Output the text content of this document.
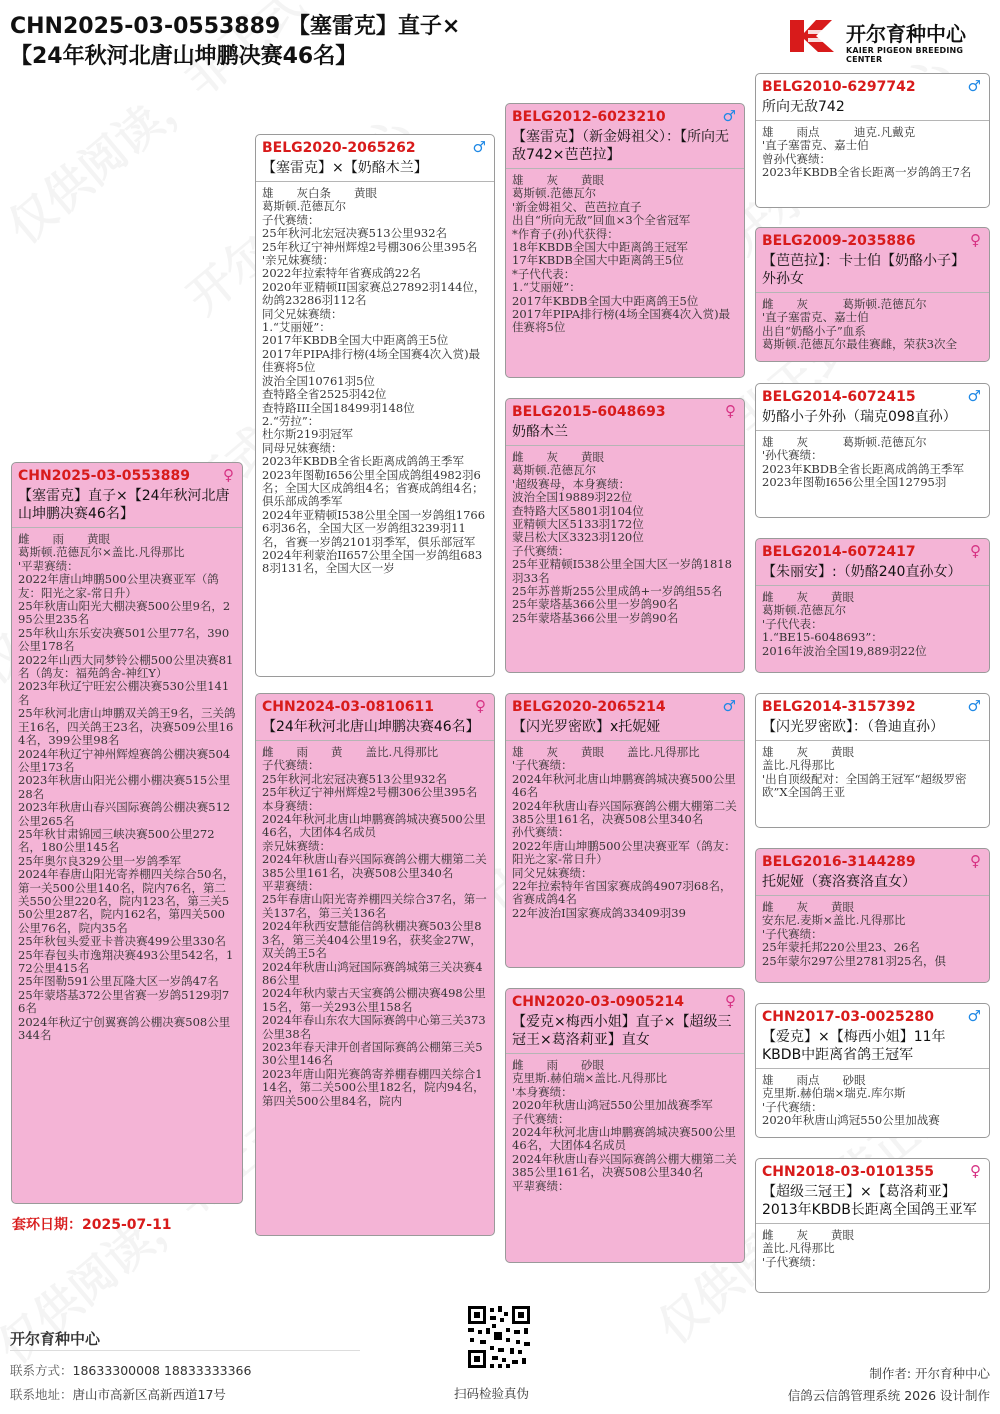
CHN2025-03-0553889 【塞雷克】直子×【24年秋河北唐山坤鹏决赛46名】
开尔育种中心
KAIER PIGEON BREEDING CENTER
CHN2025-03-0553889	♀
【塞雷克】直子×【24年秋河北唐山坤鹏决赛46名】
雌　　雨　　黄眼
葛斯顿.范德瓦尔×盖比.凡得那比
'平辈赛绩：
2022年唐山坤鹏500公里决赛亚军（鸽友：阳光之家-常日升）
25年秋唐山阳光大棚决赛500公里9名，295公里235名
25年秋山东乐安决赛501公里77名，390公里178名
2022年山西大同梦铃公棚500公里决赛81名（鸽友：福苑鸽舍-神红Y）
2023年秋辽宁旺宏公棚决赛530公里141名
25年秋河北唐山坤鹏双关鸽王9名，三关鸽王16名，四关鸽王23名，决赛509公里164名，399公里98名
2024年秋辽宁神州辉煌赛鸽公棚决赛504公里173名
2023年秋唐山阳光公棚小棚决赛515公里28名
2023年秋唐山春兴国际赛鸽公棚决赛512公里265名
25年秋甘肃锦园三峡决赛500公里272名，180公里145名
25年奥尔良329公里一岁鸽季军
2024年春唐山阳光寄养棚四关综合50名，第一关500公里140名，院内76名，第二关550公里220名，院内123名，第三关550公里287名，院内162名，第四关500公里76名，院内35名
25年秋包头爱亚卡普决赛499公里330名
25年春包头市逸翔决赛493公里542名，172公里415名
25年图勒591公里瓦隆大区一岁鸽47名
25年蒙塔基372公里省赛一岁鸽5129羽76名
2024年秋辽宁创翼赛鸽公棚决赛508公里344名
套环日期：2025-07-11
BELG2020-2065262	♂
【塞雷克】×【奶酪木兰】
雄　　灰白条　　黄眼
葛斯顿.范德瓦尔
子代赛绩：
25年秋河北宏冠决赛513公里932名
25年秋辽宁神州辉煌2号棚306公里395名
'亲兄妹赛绩：
2022年拉索特年省赛成鸽22名
2020年亚精顿II国家赛总27892羽144位，幼鸽23286羽112名
同父兄妹赛绩：
1.“艾丽娅”：
2017年KBDB全国大中距离鸽王5位
2017年PIPA排行榜(4场全国赛4次入赏)最佳赛将5位
波治全国10761羽5位
查特路全省2525羽42位
查特路III全国18499羽148位
2.“劳拉”：
杜尔斯219羽冠军
同母兄妹赛绩：
2023年KBDB全省长距离成鸽鸽王季军
2023年图勒I656公里全国成鸽组4982羽6名；全国大区成鸽组4名；省赛成鸽组4名；俱乐部成鸽季军
2024年亚精顿I538公里全国一岁鸽组17666羽36名，全国大区一岁鸽组3239羽11名，省赛一岁鸽2101羽季军，俱乐部冠军
2024年利蒙治II657公里全国一岁鸽组6838羽131名，全国大区一岁
CHN2024-03-0810611	♀
【24年秋河北唐山坤鹏决赛46名】
雌　　雨　　黄　　盖比.凡得那比
子代赛绩：
25年秋河北宏冠决赛513公里932名
25年秋辽宁神州辉煌2号棚306公里395名
本身赛绩：
2024年秋河北唐山坤鹏赛鸽城决赛500公里46名，大团体4名成员
亲兄妹赛绩：
2024年秋唐山春兴国际赛鸽公棚大棚第二关385公里161名，决赛508公里340名
平辈赛绩：
25年春唐山阳光寄养棚四关综合37名，第一关137名，第三关136名
2024年秋西安慧能信鸽秋棚决赛503公里83名，第三关404公里19名，获奖金27W，双关鸽王5名
2024年秋唐山鸿冠国际赛鸽城第三关决赛486公里
2024年秋内蒙古天宝赛鸽公棚决赛498公里15名，第一关293公里158名
2024年春山东农大国际赛鸽中心第三关373公里38名
2023年春天津开创者国际赛鸽公棚第三关530公里146名
2023年唐山阳光赛鸽寄养棚春棚四关综合114名，第二关500公里182名，院内94名，第四关500公里84名，院内
BELG2012-6023210	♂
【塞雷克】（新金姆祖父）：【所向无敌742×芭芭拉】
雄　　灰　　黄眼
葛斯顿.范德瓦尔
'新金姆祖父、芭芭拉直子
出自“所向无敌”回血×3个全省冠军
*作育子(孙)代获得：
18年KBDB全国大中距离鸽王冠军
17年KBDB全国大中距离鸽王5位
*子代代表：
1.“艾丽娅”：
2017年KBDB全国大中距离鸽王5位
2017年PIPA排行榜(4场全国赛4次入赏)最佳赛将5位
BELG2015-6048693	♀
奶酪木兰
雌　　灰　　黄眼
葛斯顿.范德瓦尔
'超级赛母，本身赛绩：
波治全国19889羽22位
查特路大区5801羽104位
亚精顿大区5133羽172位
蒙吕松大区3323羽120位
子代赛绩：
25年亚精顿I538公里全国大区一岁鸽1818羽33名
25年苏普斯255公里成鸽+一岁鸽组55名
25年蒙塔基366公里一岁鸽90名
25年蒙塔基366公里一岁鸽90名
BELG2020-2065214	♂
【闪光罗密欧】x托妮娅
雄　　灰　　黄眼　　盖比.凡得那比
'子代赛绩：
2024年秋河北唐山坤鹏赛鸽城决赛500公里46名
2024年秋唐山春兴国际赛鸽公棚大棚第二关385公里161名，决赛508公里340名
孙代赛绩：
2022年唐山坤鹏500公里决赛亚军（鸽友：阳光之家-常日升）
同父兄妹赛绩：
22年拉索特年省国家赛成鸽4907羽68名，省赛成鸽4名
22年波治I国家赛成鸽33409羽39
CHN2020-03-0905214	♀
【爱克×梅西小姐】直子×【超级三冠王×葛洛莉亚】直女
雌　　雨　　砂眼
克里斯.赫伯瑞×盖比.凡得那比
'本身赛绩：
2020年秋唐山鸿冠550公里加战赛季军
子代赛绩：
2024年秋河北唐山坤鹏赛鸽城决赛500公里46名，大团体4名成员
2024年秋唐山春兴国际赛鸽公棚大棚第二关385公里161名，决赛508公里340名
平辈赛绩：
BELG2010-6297742	♂
所向无敌742
雄　　雨点　　　迪克.凡戴克
'直子塞雷克、嘉士伯
曾孙代赛绩：
2023年KBDB全省长距离一岁鸽鸽王7名
BELG2009-2035886	♀
【芭芭拉】：卡士伯【奶酪小子】 外孙女
雌　　灰　　　葛斯顿.范德瓦尔
'直子塞雷克、嘉士伯
出自“奶酪小子”血系
葛斯顿.范德瓦尔最佳赛雌，荣获3次全
BELG2014-6072415	♂
奶酪小子外孙（瑞克098直孙）
雄　　灰　　　葛斯顿.范德瓦尔
'孙代赛绩：
2023年KBDB全省长距离成鸽鸽王季军
2023年图勒I656公里全国12795羽
BELG2014-6072417	♀
【朱丽安】:（奶酪240直孙女）
雌　　灰　　黄眼
葛斯顿.范德瓦尔
'子代代表：
1.“BE15-6048693”：
2016年波治全国19,889羽22位
BELG2014-3157392	♂
【闪光罗密欧】：（鲁迪直孙）
雄　　灰　　黄眼
盖比.凡得那比
'出自顶级配对：全国鸽王冠军“超级罗密欧”X全国鸽王亚
BELG2016-3144289	♀
托妮娅（赛洛赛洛直女）
雌　　灰　　黄眼
安东尼.麦斯×盖比.凡得那比
'子代赛绩：
25年蒙托邦220公里23、26名
25年蒙尔297公里2781羽25名，俱
CHN2017-03-0025280	♂
【爱克】×【梅西小姐】11年KBDB中距离省鸽王冠军
雄　　雨点　　砂眼
克里斯.赫伯瑞×瑞克.库尔斯
'子代赛绩：
2020年秋唐山鸿冠550公里加战赛
CHN2018-03-0101355	♀
【超级三冠王】×【葛洛莉亚】2013年KBDB长距离全国鸽王亚军
雌　　灰　　黄眼
盖比.凡得那比
'子代赛绩：
开尔育种中心
联系方式：18633300008 18833333366
联系地址：唐山市高新区高新西道17号	扫码检验真伪
制作者: 开尔育种中心
信鸽云信鸽管理系统 2026 设计制作
